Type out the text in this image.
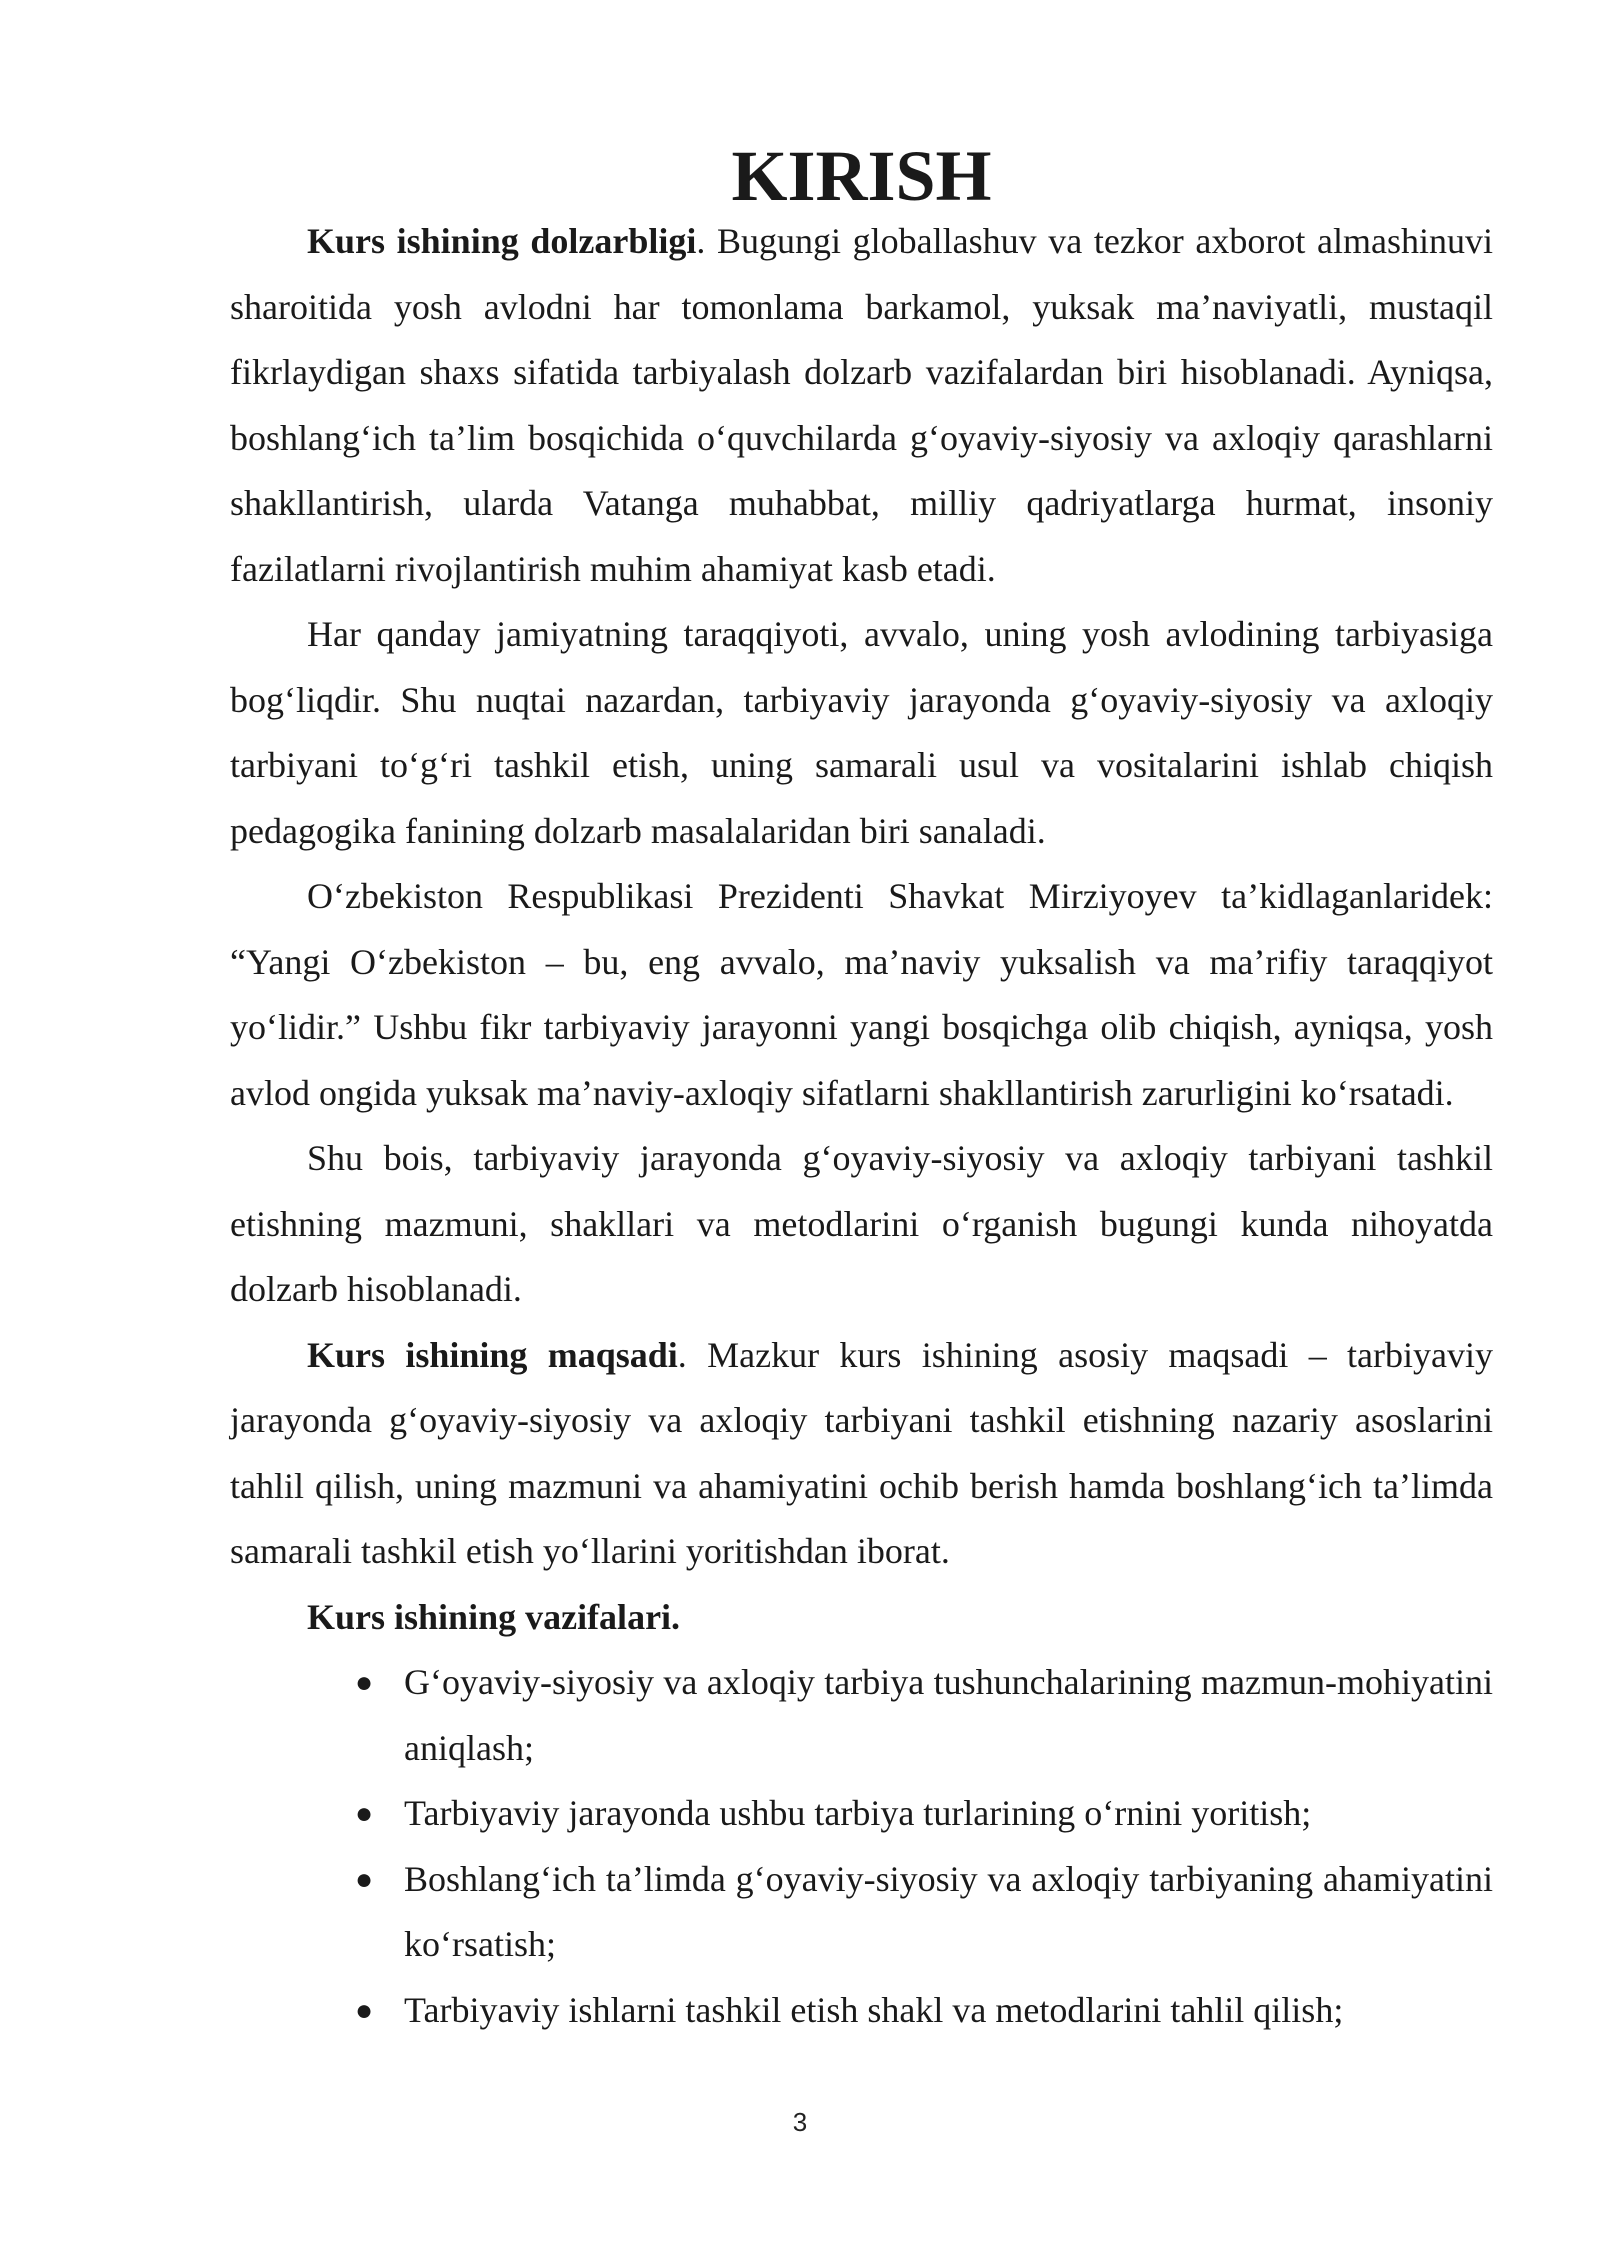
KIRISH

Kurs ishining dolzarbligi. Bugungi globallashuv va tezkor axborot almashinuvi sharoitida yosh avlodni har tomonlama barkamol, yuksak ma’naviyatli, mustaqil fikrlaydigan shaxs sifatida tarbiyalash dolzarb vazifalardan biri hisoblanadi. Ayniqsa, boshlang‘ich ta’lim bosqichida o‘quvchilarda g‘oyaviy-siyosiy va axloqiy qarashlarni shakllantirish, ularda Vatanga muhabbat, milliy qadriyatlarga hurmat, insoniy fazilatlarni rivojlantirish muhim ahamiyat kasb etadi.

Har qanday jamiyatning taraqqiyoti, avvalo, uning yosh avlodining tarbiyasiga bog‘liqdir. Shu nuqtai nazardan, tarbiyaviy jarayonda g‘oyaviy-siyosiy va axloqiy tarbiyani to‘g‘ri tashkil etish, uning samarali usul va vositalarini ishlab chiqish pedagogika fanining dolzarb masalalaridan biri sanaladi.

O‘zbekiston Respublikasi Prezidenti Shavkat Mirziyoyev ta’kidlaganlaridek: “Yangi O‘zbekiston – bu, eng avvalo, ma’naviy yuksalish va ma’rifiy taraqqiyot yo‘lidir.” Ushbu fikr tarbiyaviy jarayonni yangi bosqichga olib chiqish, ayniqsa, yosh avlod ongida yuksak ma’naviy-axloqiy sifatlarni shakllantirish zarurligini ko‘rsatadi.

Shu bois, tarbiyaviy jarayonda g‘oyaviy-siyosiy va axloqiy tarbiyani tashkil etishning mazmuni, shakllari va metodlarini o‘rganish bugungi kunda nihoyatda dolzarb hisoblanadi.

Kurs ishining maqsadi. Mazkur kurs ishining asosiy maqsadi – tarbiyaviy jarayonda g‘oyaviy-siyosiy va axloqiy tarbiyani tashkil etishning nazariy asoslarini tahlil qilish, uning mazmuni va ahamiyatini ochib berish hamda boshlang‘ich ta’limda samarali tashkil etish yo‘llarini yoritishdan iborat.

Kurs ishining vazifalari.

● G‘oyaviy-siyosiy va axloqiy tarbiya tushunchalarining mazmun-mohiyatini aniqlash;
● Tarbiyaviy jarayonda ushbu tarbiya turlarining o‘rnini yoritish;
● Boshlang‘ich ta’limda g‘oyaviy-siyosiy va axloqiy tarbiyaning ahamiyatini ko‘rsatish;
● Tarbiyaviy ishlarni tashkil etish shakl va metodlarini tahlil qilish;
3
